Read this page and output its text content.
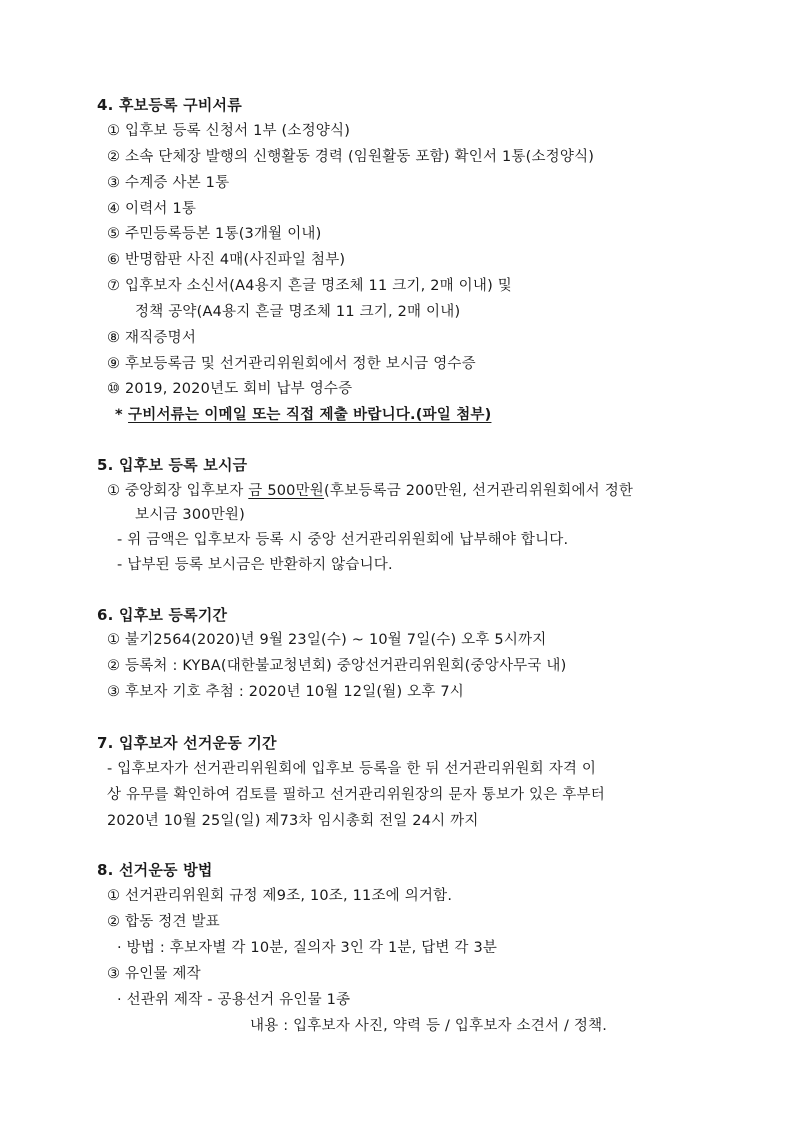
4. 후보등록 구비서류
① 입후보 등록 신청서 1부 (소정양식)
② 소속 단체장 발행의 신행활동 경력 (임원활동 포함) 확인서 1통(소정양식)
③ 수계증 사본 1통
④ 이력서 1통
⑤ 주민등록등본 1통(3개월 이내)
⑥ 반명함판 사진 4매(사진파일 첨부)
⑦ 입후보자 소신서(A4용지 흔글 명조체 11 크기, 2매 이내) 및
정책 공약(A4용지 흔글 명조체 11 크기, 2매 이내)
⑧ 재직증명서
⑨ 후보등록금 및 선거관리위원회에서 정한 보시금 영수증
⑩ 2019, 2020년도 회비 납부 영수증
* 구비서류는 이메일 또는 직접 제출 바랍니다.(파일 첨부)
5. 입후보 등록 보시금
① 중앙회장 입후보자 금 500만원(후보등록금 200만원, 선거관리위원회에서 정한
보시금 300만원)
- 위 금액은 입후보자 등록 시 중앙 선거관리위원회에 납부해야 합니다.
- 납부된 등록 보시금은 반환하지 않습니다.
6. 입후보 등록기간
① 불기2564(2020)년 9월 23일(수) ~ 10월 7일(수) 오후 5시까지
② 등록처 : KYBA(대한불교청년회) 중앙선거관리위원회(중앙사무국 내)
③ 후보자 기호 추첨 : 2020년 10월 12일(월) 오후 7시
7. 입후보자 선거운동 기간
- 입후보자가 선거관리위원회에 입후보 등록을 한 뒤 선거관리위원회 자격 이
상 유무를 확인하여 검토를 필하고 선거관리위원장의 문자 통보가 있은 후부터
2020년 10월 25일(일) 제73차 임시총회 전일 24시 까지
8. 선거운동 방법
① 선거관리위원회 규정 제9조, 10조, 11조에 의거함.
② 합동 정견 발표
· 방법 : 후보자별 각 10분, 질의자 3인 각 1분, 답변 각 3분
③ 유인물 제작
· 선관위 제작 - 공용선거 유인물 1종
내용 : 입후보자 사진, 약력 등 / 입후보자 소견서 / 정책.
